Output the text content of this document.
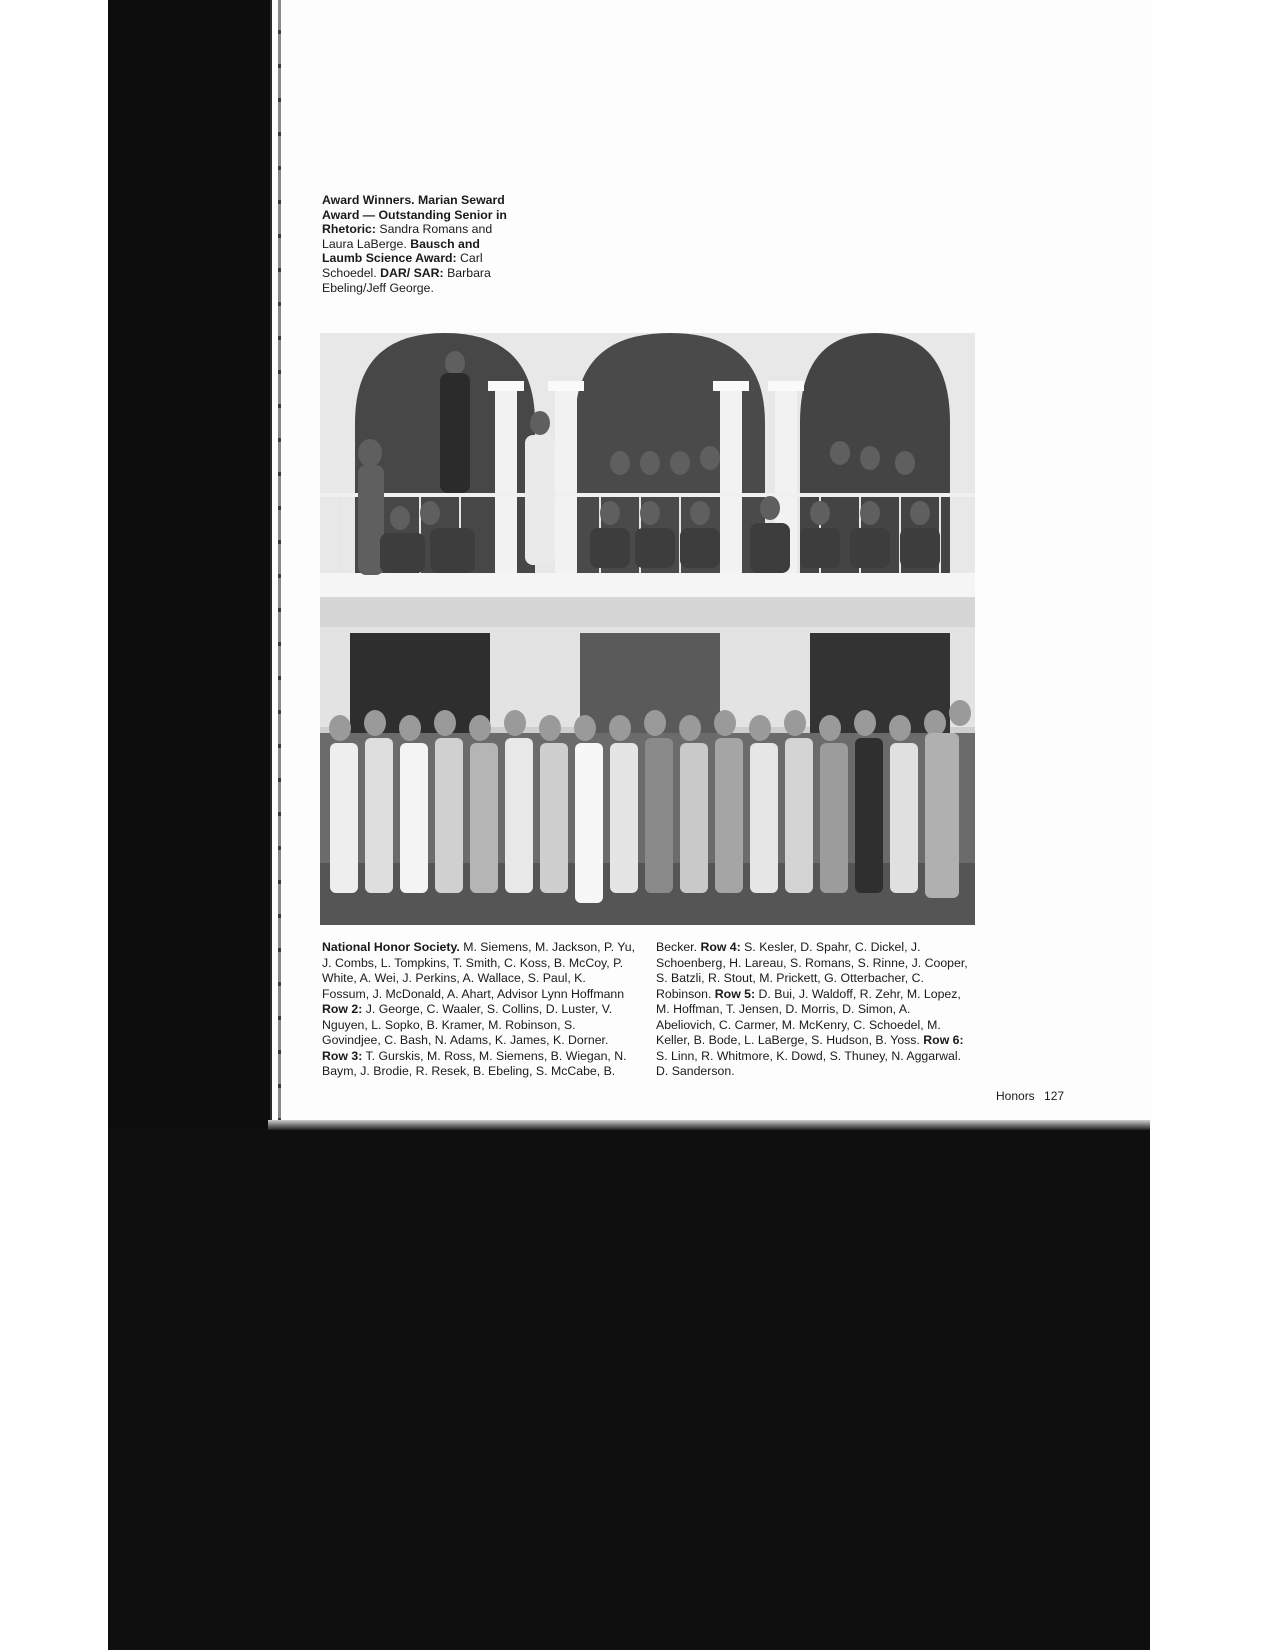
Award Winners. Marian Seward Award — Outstanding Senior in Rhetoric: Sandra Romans and Laura LaBerge. Bausch and Laumb Science Award: Carl Schoedel. DAR/ SAR: Barbara Ebeling/Jeff George.
National Honor Society. M. Siemens, M. Jackson, P. Yu, J. Combs, L. Tompkins, T. Smith, C. Koss, B. McCoy, P. White, A. Wei, J. Perkins, A. Wallace, S. Paul, K. Fossum, J. McDonald, A. Ahart, Advisor Lynn Hoffmann Row 2: J. George, C. Waaler, S. Collins, D. Luster, V. Nguyen, L. Sopko, B. Kramer, M. Robinson, S. Govindjee, C. Bash, N. Adams, K. James, K. Dorner. Row 3: T. Gurskis, M. Ross, M. Siemens, B. Wiegan, N. Baym, J. Brodie, R. Resek, B. Ebeling, S. McCabe, B. Becker. Row 4: S. Kesler, D. Spahr, C. Dickel, J. Schoenberg, H. Lareau, S. Romans, S. Rinne, J. Cooper, S. Batzli, R. Stout, M. Prickett, G. Otterbacher, C. Robinson. Row 5: D. Bui, J. Waldoff, R. Zehr, M. Lopez, M. Hoffman, T. Jensen, D. Morris, D. Simon, A. Abeliovich, C. Carmer, M. McKenry, C. Schoedel, M. Keller, B. Bode, L. LaBerge, S. Hudson, B. Yoss. Row 6: S. Linn, R. Whitmore, K. Dowd, S. Thuney, N. Aggarwal. D. Sanderson.
Honors 127
